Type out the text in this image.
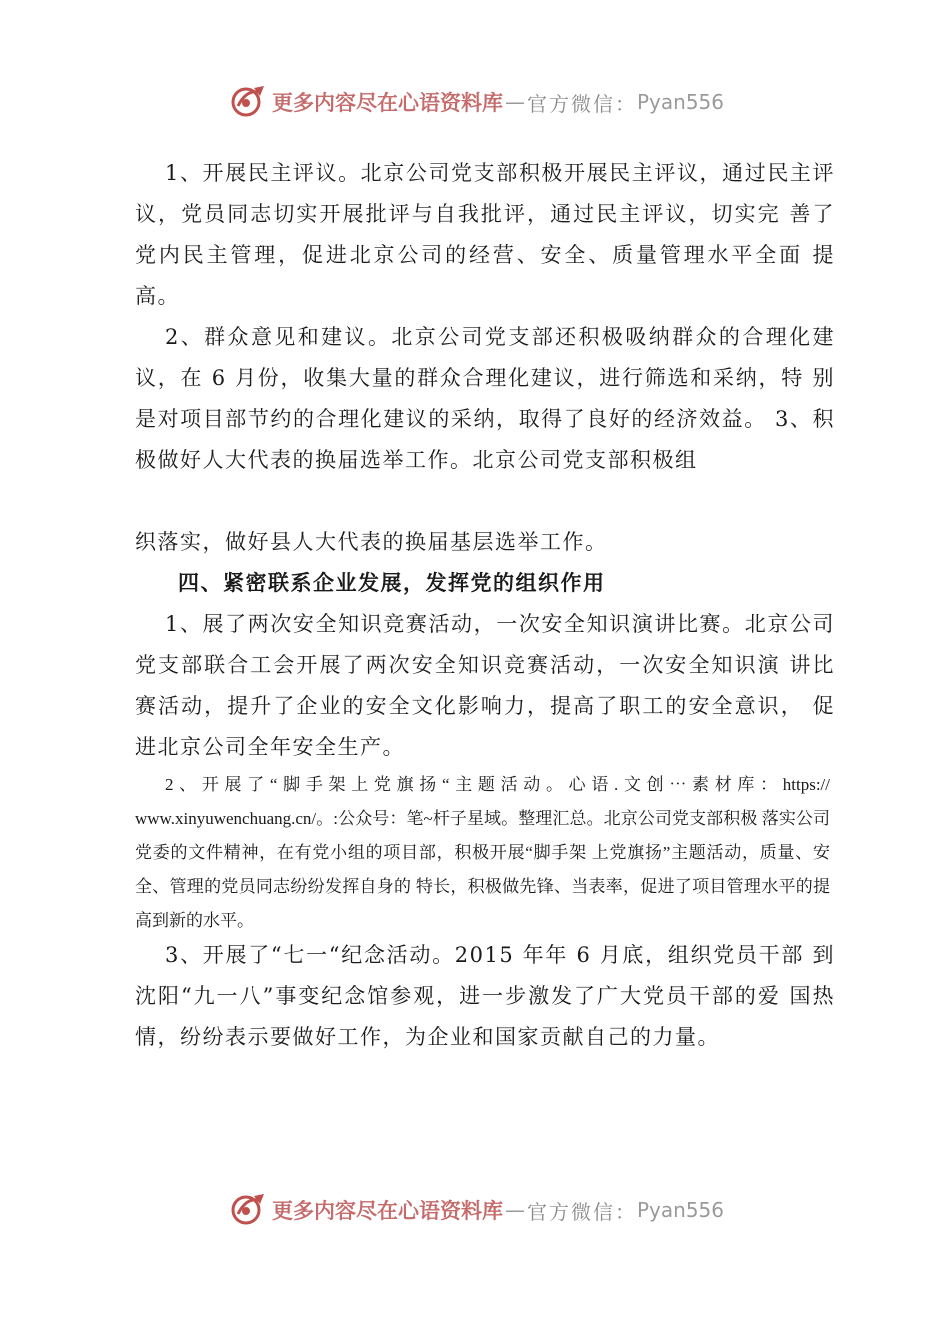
更多内容尽在心语资料库 — 官方微信： Pyan556

1、开展民主评议。北京公司党支部积极开展民主评议，通过民主评议，党员同志切实开展批评与自我批评，通过民主评议，切实完 善了党内民主管理，促进北京公司的经营、安全、质量管理水平全面 提高。

2、群众意见和建议。北京公司党支部还积极吸纳群众的合理化建议，在 6 月份，收集大量的群众合理化建议，进行筛选和采纳，特 别是对项目部节约的合理化建议的采纳，取得了良好的经济效益。 3、积极做好人大代表的换届选举工作。北京公司党支部积极组

织落实，做好县人大代表的换届基层选举工作。

四、紧密联系企业发展，发挥党的组织作用

1、展了两次安全知识竞赛活动，一次安全知识演讲比赛。北京公司党支部联合工会开展了两次安全知识竞赛活动，一次安全知识演 讲比赛活动，提升了企业的安全文化影响力，提高了职工的安全意识， 促进北京公司全年安全生产。

2、开展了“脚手架上党旗扬“主题活动。心语.文创⋯素材库：https:// www.xinyuwenchuang.cn/。:公众号：笔~杆子星域。整理汇总。北京公司党支部积极 落实公司党委的文件精神，在有党小组的项目部，积极开展“脚手架 上党旗扬”主题活动，质量、安全、管理的党员同志纷纷发挥自身的 特长，积极做先锋、当表率，促进了项目管理水平的提高到新的水平。

3、开展了“七一“纪念活动。2015 年年 6 月底，组织党员干部 到沈阳“九一八”事变纪念馆参观，进一步激发了广大党员干部的爱 国热情，纷纷表示要做好工作，为企业和国家贡献自己的力量。

更多内容尽在心语资料库 — 官方微信： Pyan556
